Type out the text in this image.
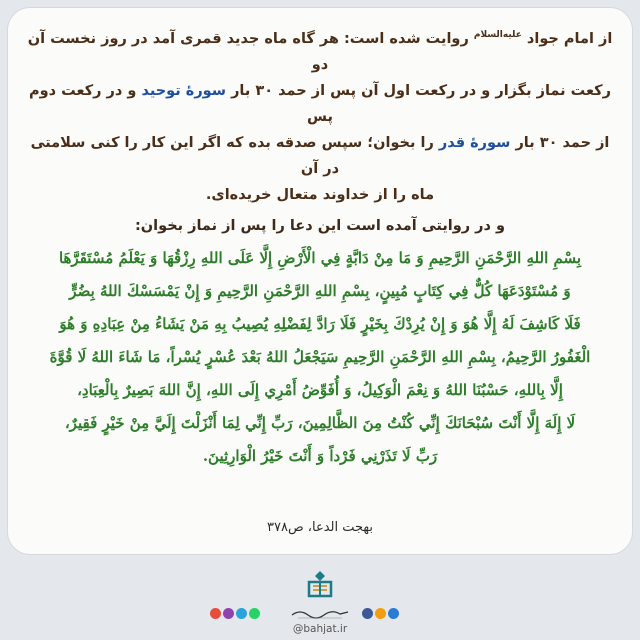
از امام جواد $^{علیه‌السلام}$ روایت شده است: هر گاه ماه جدید قمری آمد در روز نخست آن دو

رکعت نماز بگزار و در رکعت اول آن پس از حمد ۳۰ بار سورهٔ توحید و در رکعت دوم پس

از حمد ۳۰ بار سورهٔ قدر را بخوان؛ سپس صدقه بده که اگر این کار را کنی سلامتی در آن

ماه را از خداوند متعال خریده‌ای.

و در روایتی آمده است این دعا را پس از نماز بخوان:

بِسْمِ اللهِ الرَّحْمَنِ الرَّحِيمِ وَ مَا مِنْ دَابَّةٍ فِي الْأَرْضِ إِلَّا عَلَى اللهِ رِزْقُهَا وَ يَعْلَمُ مُسْتَقَرَّهَا

وَ مُسْتَوْدَعَهَا كُلٌّ فِي كِتَابٍ مُبِينٍ، بِسْمِ اللهِ الرَّحْمَنِ الرَّحِيمِ وَ إِنْ يَمْسَسْكَ اللهُ بِضُرٍّ

فَلَا كَاشِفَ لَهُ إِلَّا هُوَ وَ إِنْ يُرِدْكَ بِخَيْرٍ فَلَا رَادَّ لِفَضْلِهِ يُصِيبُ بِهِ مَنْ يَشَاءُ مِنْ عِبَادِهِ وَ هُوَ

الْغَفُورُ الرَّحِيمُ، بِسْمِ اللهِ الرَّحْمَنِ الرَّحِيمِ سَيَجْعَلُ اللهُ بَعْدَ عُسْرٍ يُسْراً، مَا شَاءَ اللهُ لَا قُوَّةَ

إِلَّا بِاللهِ، حَسْبُنَا اللهُ وَ نِعْمَ الْوَكِيلُ، وَ أُفَوِّضُ أَمْرِي إِلَى اللهِ، إِنَّ اللهَ بَصِيرٌ بِالْعِبَادِ،

لَا إِلَهَ إِلَّا أَنْتَ سُبْحَانَكَ إِنِّي كُنْتُ مِنَ الظَّالِمِينَ، رَبِّ إِنِّي لِمَا أَنْزَلْتَ إِلَيَّ مِنْ خَيْرٍ فَقِيرٌ،

رَبِّ لَا تَذَرْنِي فَرْداً وَ أَنْتَ خَيْرُ الْوَارِثِينَ.

بهجت الدعا، ص۳۷۸
@bahjat.ir
